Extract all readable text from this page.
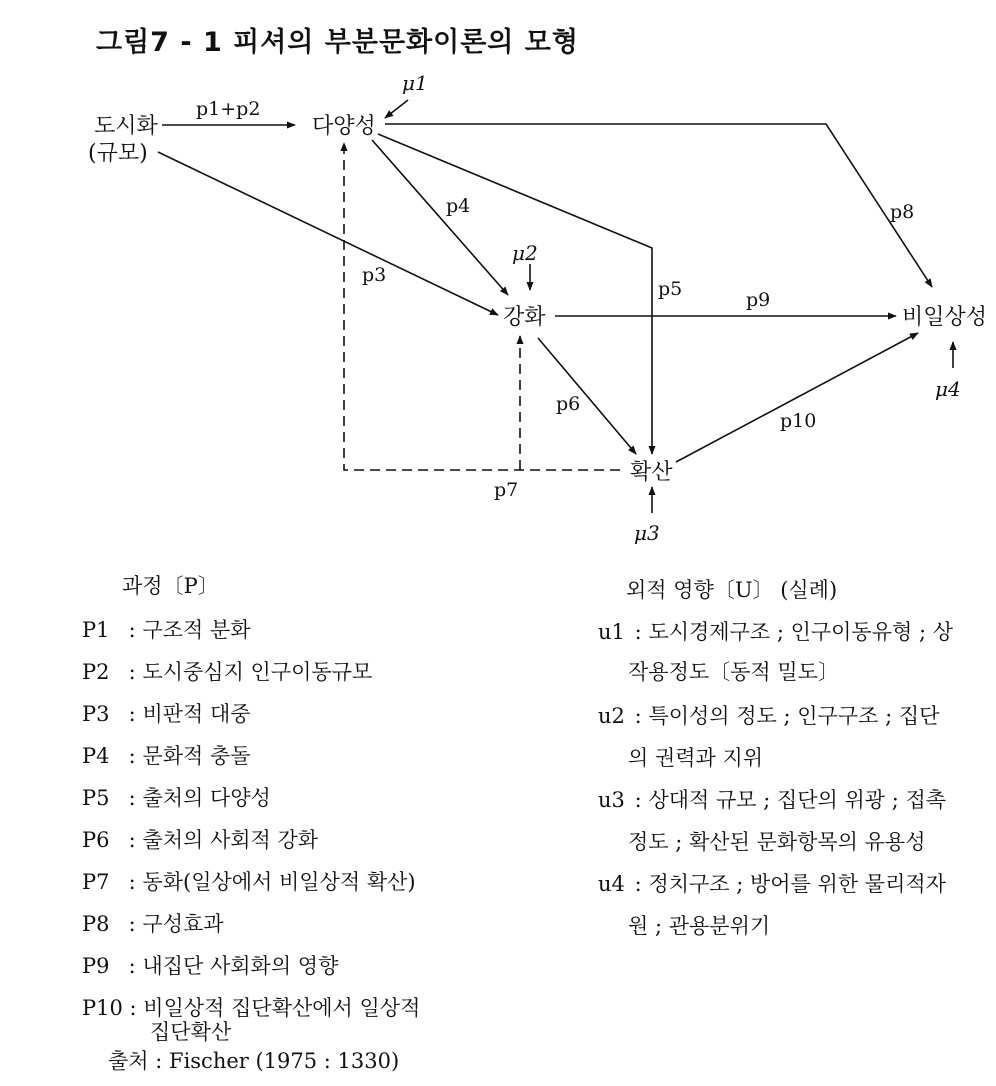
그림7 - 1 피셔의 부분문화이론의 모형
도시화
(규모)
다양성
강화
확산
비일상성
p1+p2
p3
p4
p5
p6
p7
p8
p9
p10
μ1
μ2
μ3
μ4
과정〔P〕
P1 : 구조적 분화
P2 : 도시중심지 인구이동규모
P3 : 비판적 대중
P4 : 문화적 충돌
P5 : 출처의 다양성
P6 : 출처의 사회적 강화
P7 : 동화(일상에서 비일상적 확산)
P8 : 구성효과
P9 : 내집단 사회화의 영향
P10 : 비일상적 집단확산에서 일상적
집단확산
출처 : Fischer (1975 : 1330)
외적 영향〔U〕 (실례)
u1 : 도시경제구조 ; 인구이동유형 ; 상
작용정도〔동적 밀도〕
u2 : 특이성의 정도 ; 인구구조 ; 집단
의 권력과 지위
u3 : 상대적 규모 ; 집단의 위광 ; 접촉
정도 ; 확산된 문화항목의 유용성
u4 : 정치구조 ; 방어를 위한 물리적자
원 ; 관용분위기
